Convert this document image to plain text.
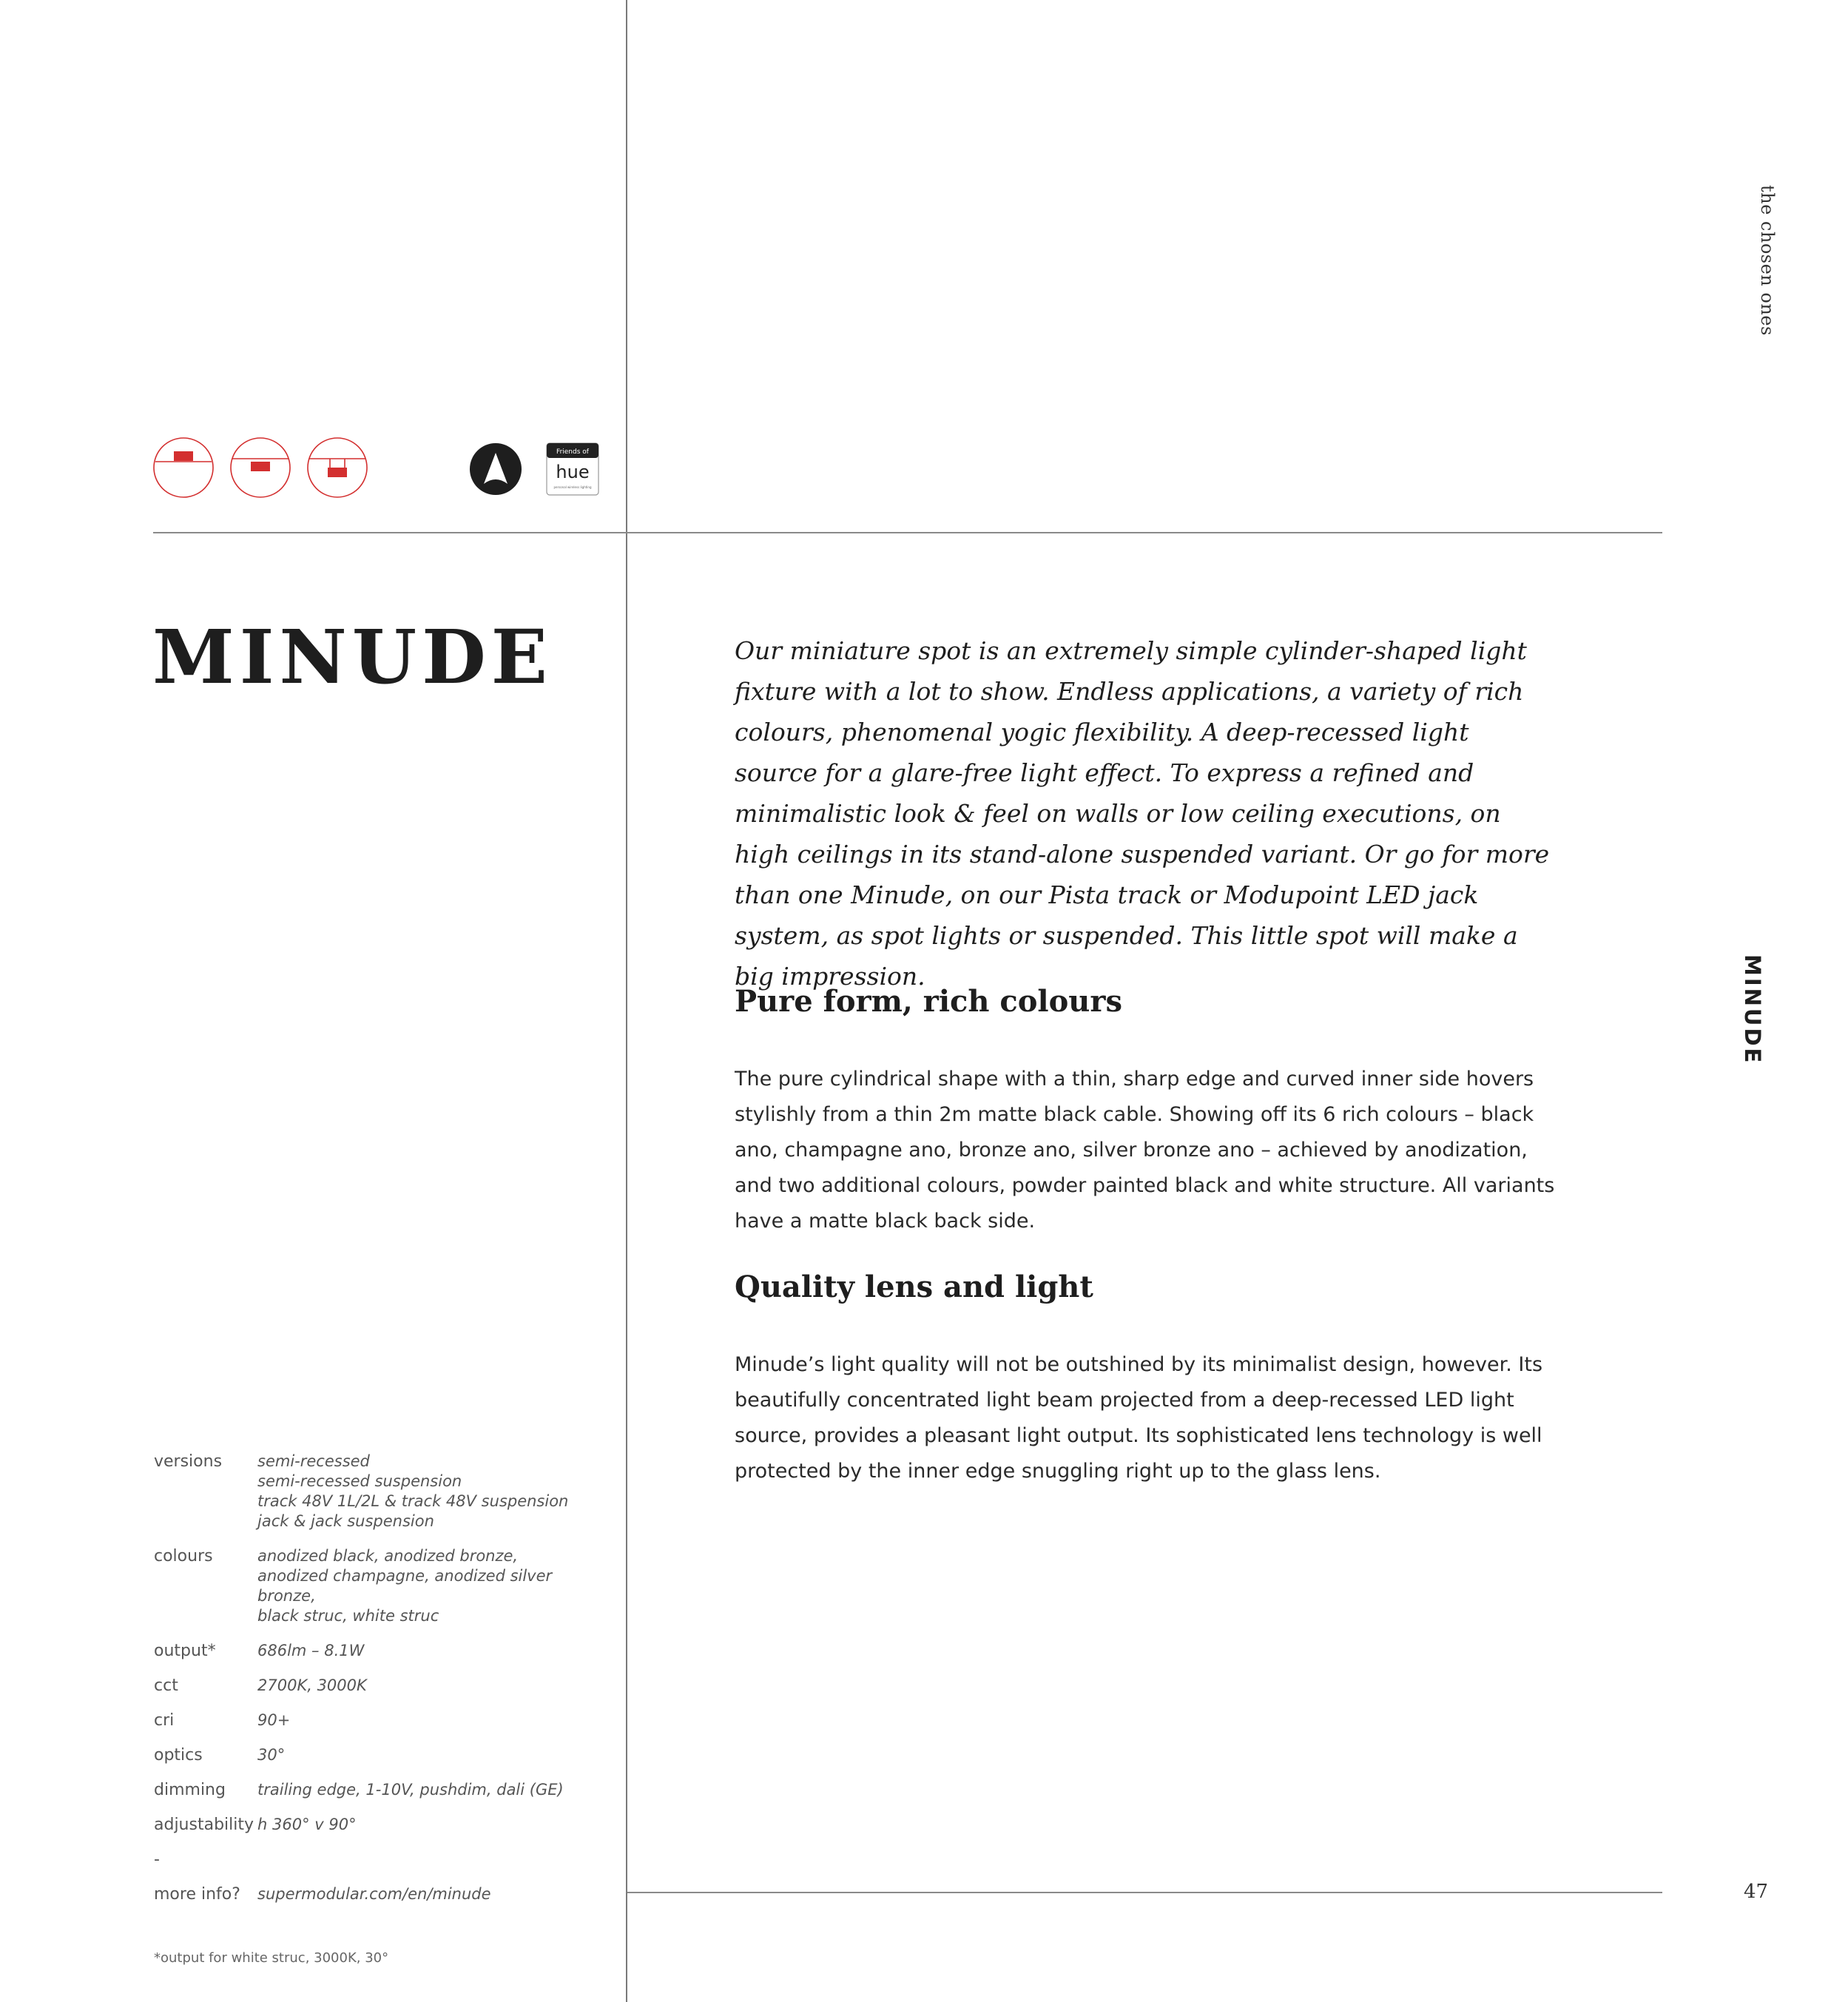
the chosen ones
MINUDE
47
Friends of
hue
personal wireless lighting
MINUDE	Our miniature spot is an extremely simple cylinder-shaped light fixture with a lot to show. Endless applications, a variety of rich colours, phenomenal yogic flexibility. A deep-recessed light source for a glare-free light effect. To express a refined and minimalistic look & feel on walls or low ceiling executions, on high ceilings in its stand-alone suspended variant. Or go for more than one Minude, on our Pista track or Modupoint LED jack system, as spot lights or suspended. This little spot will make a big impression.

Pure form, rich colours

The pure cylindrical shape with a thin, sharp edge and curved inner side hovers stylishly from a thin 2m matte black cable. Showing off its 6 rich colours – black ano, champagne ano, bronze ano, silver bronze ano – achieved by anodization, and two additional colours, powder painted black and white structure. All variants have a matte black back side.

Quality lens and light

Minude’s light quality will not be outshined by its minimalist design, however. Its beautifully concentrated light beam projected from a deep-recessed LED light source, provides a pleasant light output. Its sophisticated lens technology is well protected by the inner edge snuggling right up to the glass lens.

versions	semi-recessed
semi-recessed suspension
track 48V 1L/2L & track 48V suspension
jack & jack suspension
colours	anodized black, anodized bronze,
anodized champagne, anodized silver bronze,
black struc, white struc
output*	686lm – 8.1W
cct	2700K, 3000K
cri	90+
optics	30°
dimming	trailing edge, 1-10V, pushdim, dali (GE)
adjustability h 360° v 90°
-
more info?	supermodular.com/en/minude
*output for white struc, 3000K, 30°
